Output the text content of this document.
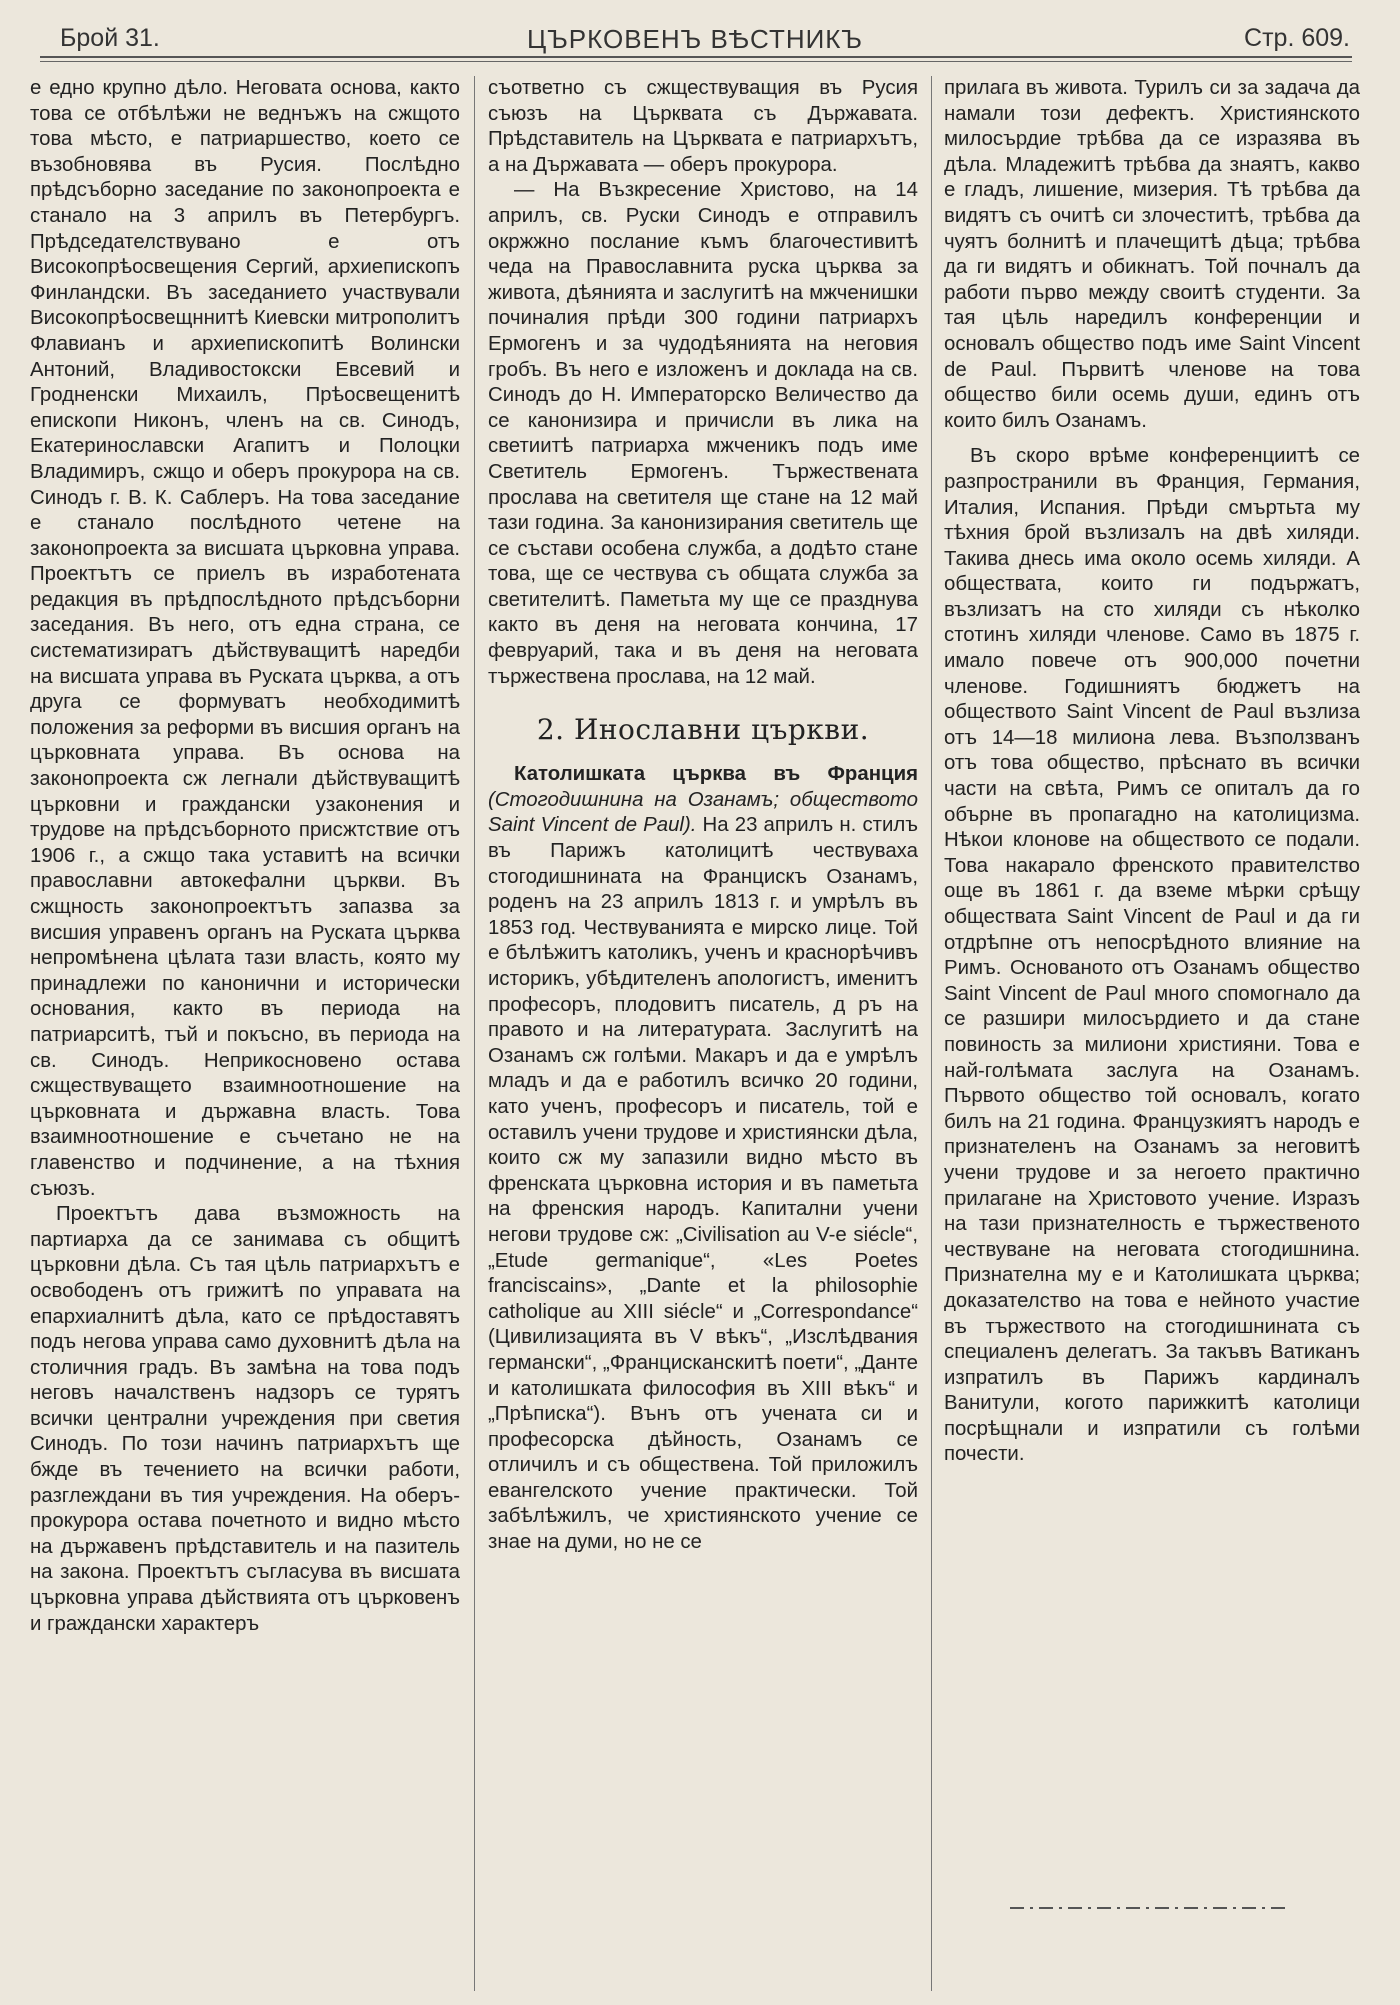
Брой 31.	ЦЪРКОВЕНЪ ВѢСТНИКЪ	Стр. 609.

е едно крупно дѣло. Неговата основа, както това се отбѣлѣжи не веднъжъ на сжщото това мѣсто, е патриаршество, което се възобновява въ Русия. Послѣдно прѣдсъборно заседание по законопроекта е станало на 3 априлъ въ Петербургъ. Прѣдседателствувано е отъ Високопрѣосвещения Сергий, архиепископъ Финландски. Въ заседанието участвували Високопрѣосвещннитѣ Киевски митрополитъ Флавианъ и архиепископитѣ Волински Антоний, Владивостокски Евсевий и Гродненски Михаилъ, Прѣосвещенитѣ епископи Никонъ, членъ на св. Синодъ, Екатеринославски Агапитъ и Полоцки Владимиръ, сжщо и оберъ прокурора на св. Синодъ г. В. К. Саблеръ. На това заседание е станало послѣдното четене на законопроекта за висшата църковна управа. Проектътъ се приелъ въ изработената редакция въ прѣдпослѣдното прѣдсъборни заседания. Въ него, отъ една страна, се систематизиратъ дѣйствуващитѣ наредби на висшата управа въ Руската църква, а отъ друга се формуватъ необходимитѣ положения за реформи въ висшия органъ на църковната управа. Въ основа на законопроекта сж легнали дѣйствуващитѣ църковни и граждански узаконения и трудове на прѣдсъборното присжтствие отъ 1906 г., а сжщо така уставитѣ на всички православни автокефални църкви. Въ сжщность законопроектътъ запазва за висшия управенъ органъ на Руската църква непромѣнена цѣлата тази власть, която му принадлежи по канонични и исторически основания, както въ периода на патриарситѣ, тъй и покъсно, въ периода на св. Синодъ. Неприкосновено остава сжществуващето взаимноотношение на църковната и държавна власть. Това взаимноотношение е съчетано не на главенство и подчинение, а на тѣхния съюзъ.

Проектътъ дава възможность на партиарха да се занимава съ общитѣ църковни дѣла. Съ тая цѣль патриархътъ е освободенъ отъ грижитѣ по управата на епархиалнитѣ дѣла, като се прѣдоставятъ подъ негова управа само духовнитѣ дѣла на столичния градъ. Въ замѣна на това подъ неговъ началственъ надзоръ се турятъ всички централни учреждения при светия Синодъ. По този начинъ патриархътъ ще бжде въ течението на всички работи, разглеждани въ тия учреждения. На оберъ-прокурора остава почетното и видно мѣсто на държавенъ прѣдставитель и на пазитель на закона. Проектътъ съгласува въ висшата църковна управа дѣйствията отъ църковенъ и граждански характеръ

съответно съ сжществуващия въ Русия съюзъ на Църквата съ Държавата. Прѣдставитель на Църквата е патриархътъ, а на Държавата — оберъ прокурора.

— На Възкресение Христово, на 14 априлъ, св. Руски Синодъ е отправилъ окржжно послание къмъ благочестивитѣ чеда на Православнита руска църква за живота, дѣянията и заслугитѣ на мжченишки починалия прѣди 300 години патриархъ Ермогенъ и за чудодѣянията на неговия гробъ. Въ него е изложенъ и доклада на св. Синодъ до Н. Императорско Величество да се канонизира и причисли въ лика на светиитѣ патриарха мжченикъ подъ име Светитель Ермогенъ. Тържествената прослава на светителя ще стане на 12 май тази година. За канонизирания светитель ще се състави особена служба, а додѣто стане това, ще се чествува съ общата служба за светителитѣ. Паметьта му ще се празднува както въ деня на неговата кончина, 17 февруарий, така и въ деня на неговата тържествена прослава, на 12 май.

2. Инославни църкви.

Католишката църква въ Франция (Стогодишнина на Озанамъ; обществото Saint Vincent de Paul). На 23 априлъ н. стилъ въ Парижъ католицитѣ чествуваха стогодишнината на Францискъ Озанамъ, роденъ на 23 априлъ 1813 г. и умрѣлъ въ 1853 год. Чествуванията е мирско лице. Той е бѣлѣжитъ католикъ, ученъ и краснорѣчивъ историкъ, убѣдителенъ апологистъ, именитъ професоръ, плодовитъ писатель, д ръ на правото и на литературата. Заслугитѣ на Озанамъ сж голѣми. Макаръ и да е умрѣлъ младъ и да е работилъ всичко 20 години, като ученъ, професоръ и писатель, той е оставилъ учени трудове и християнски дѣла, които сж му запазили видно мѣсто въ френската църковна история и въ паметьта на френския народъ. Капитални учени негови трудове сж: „Civilisation au V-e siécle“, „Etude germanique“, «Les Poetes franciscains», „Dante et la philosophie catholique au XIII siécle“ и „Correspondance“ (Цивилизацията въ V вѣкъ“, „Изслѣдвания германски“, „Францисканскитѣ поети“, „Данте и католишката философия въ XIII вѣкъ“ и „Прѣписка“). Вънъ отъ учената си и професорска дѣйность, Озанамъ се отличилъ и съ обществена. Той приложилъ евангелското учение практически. Той забѣлѣжилъ, че християнското учение се знае на думи, но не се

прилага въ живота. Турилъ си за задача да намали този дефектъ. Християнското милосърдие трѣбва да се изразява въ дѣла. Младежитѣ трѣбва да знаятъ, какво е гладъ, лишение, мизерия. Тѣ трѣбва да видятъ съ очитѣ си злочеститѣ, трѣбва да чуятъ болнитѣ и плачещитѣ дѣца; трѣбва да ги видятъ и обикнатъ. Той почналъ да работи първо между своитѣ студенти. За тая цѣль наредилъ конференции и основалъ общество подъ име Saint Vincent de Paul. Първитѣ членове на това общество били осемь души, единъ отъ които билъ Озанамъ.

Въ скоро врѣме конференциитѣ се разпространили въ Франция, Германия, Италия, Испания. Прѣди смъртьта му тѣхния брой възлизалъ на двѣ хиляди. Такива днесь има около осемь хиляди. А обществата, които ги подържатъ, възлизатъ на сто хиляди съ нѣколко стотинъ хиляди членове. Само въ 1875 г. имало повече отъ 900,000 почетни членове. Годишниятъ бюджетъ на обществото Saint Vincent de Paul възлиза отъ 14—18 милиона лева. Възползванъ отъ това общество, прѣснато въ всички части на свѣта, Римъ се опиталъ да го обърне въ пропагадно на католицизма. Нѣкои клонове на обществото се подали. Това накарало френското правителство още въ 1861 г. да вземе мѣрки срѣщу обществата Saint Vincent de Paul и да ги отдрѣпне отъ непосрѣдното влияние на Римъ. Основаното отъ Озанамъ общество Saint Vincent de Paul много спомогнало да се разшири милосърдието и да стане повиность за милиони християни. Това е най-голѣмата заслуга на Озанамъ. Първото общество той основалъ, когато билъ на 21 година. Французкиятъ народъ е признателенъ на Озанамъ за неговитѣ учени трудове и за негоето практично прилагане на Христовото учение. Изразъ на тази признателность е тържественото чествуване на неговата стогодишнина. Признателна му е и Католишката църква; доказателство на това е нейното участие въ тържеството на стогодишнината съ специаленъ делегатъ. За такъвъ Ватиканъ изпратилъ въ Парижъ кардиналъ Ванитули, когото парижкитѣ католици посрѣщнали и изпратили съ голѣми почести.
